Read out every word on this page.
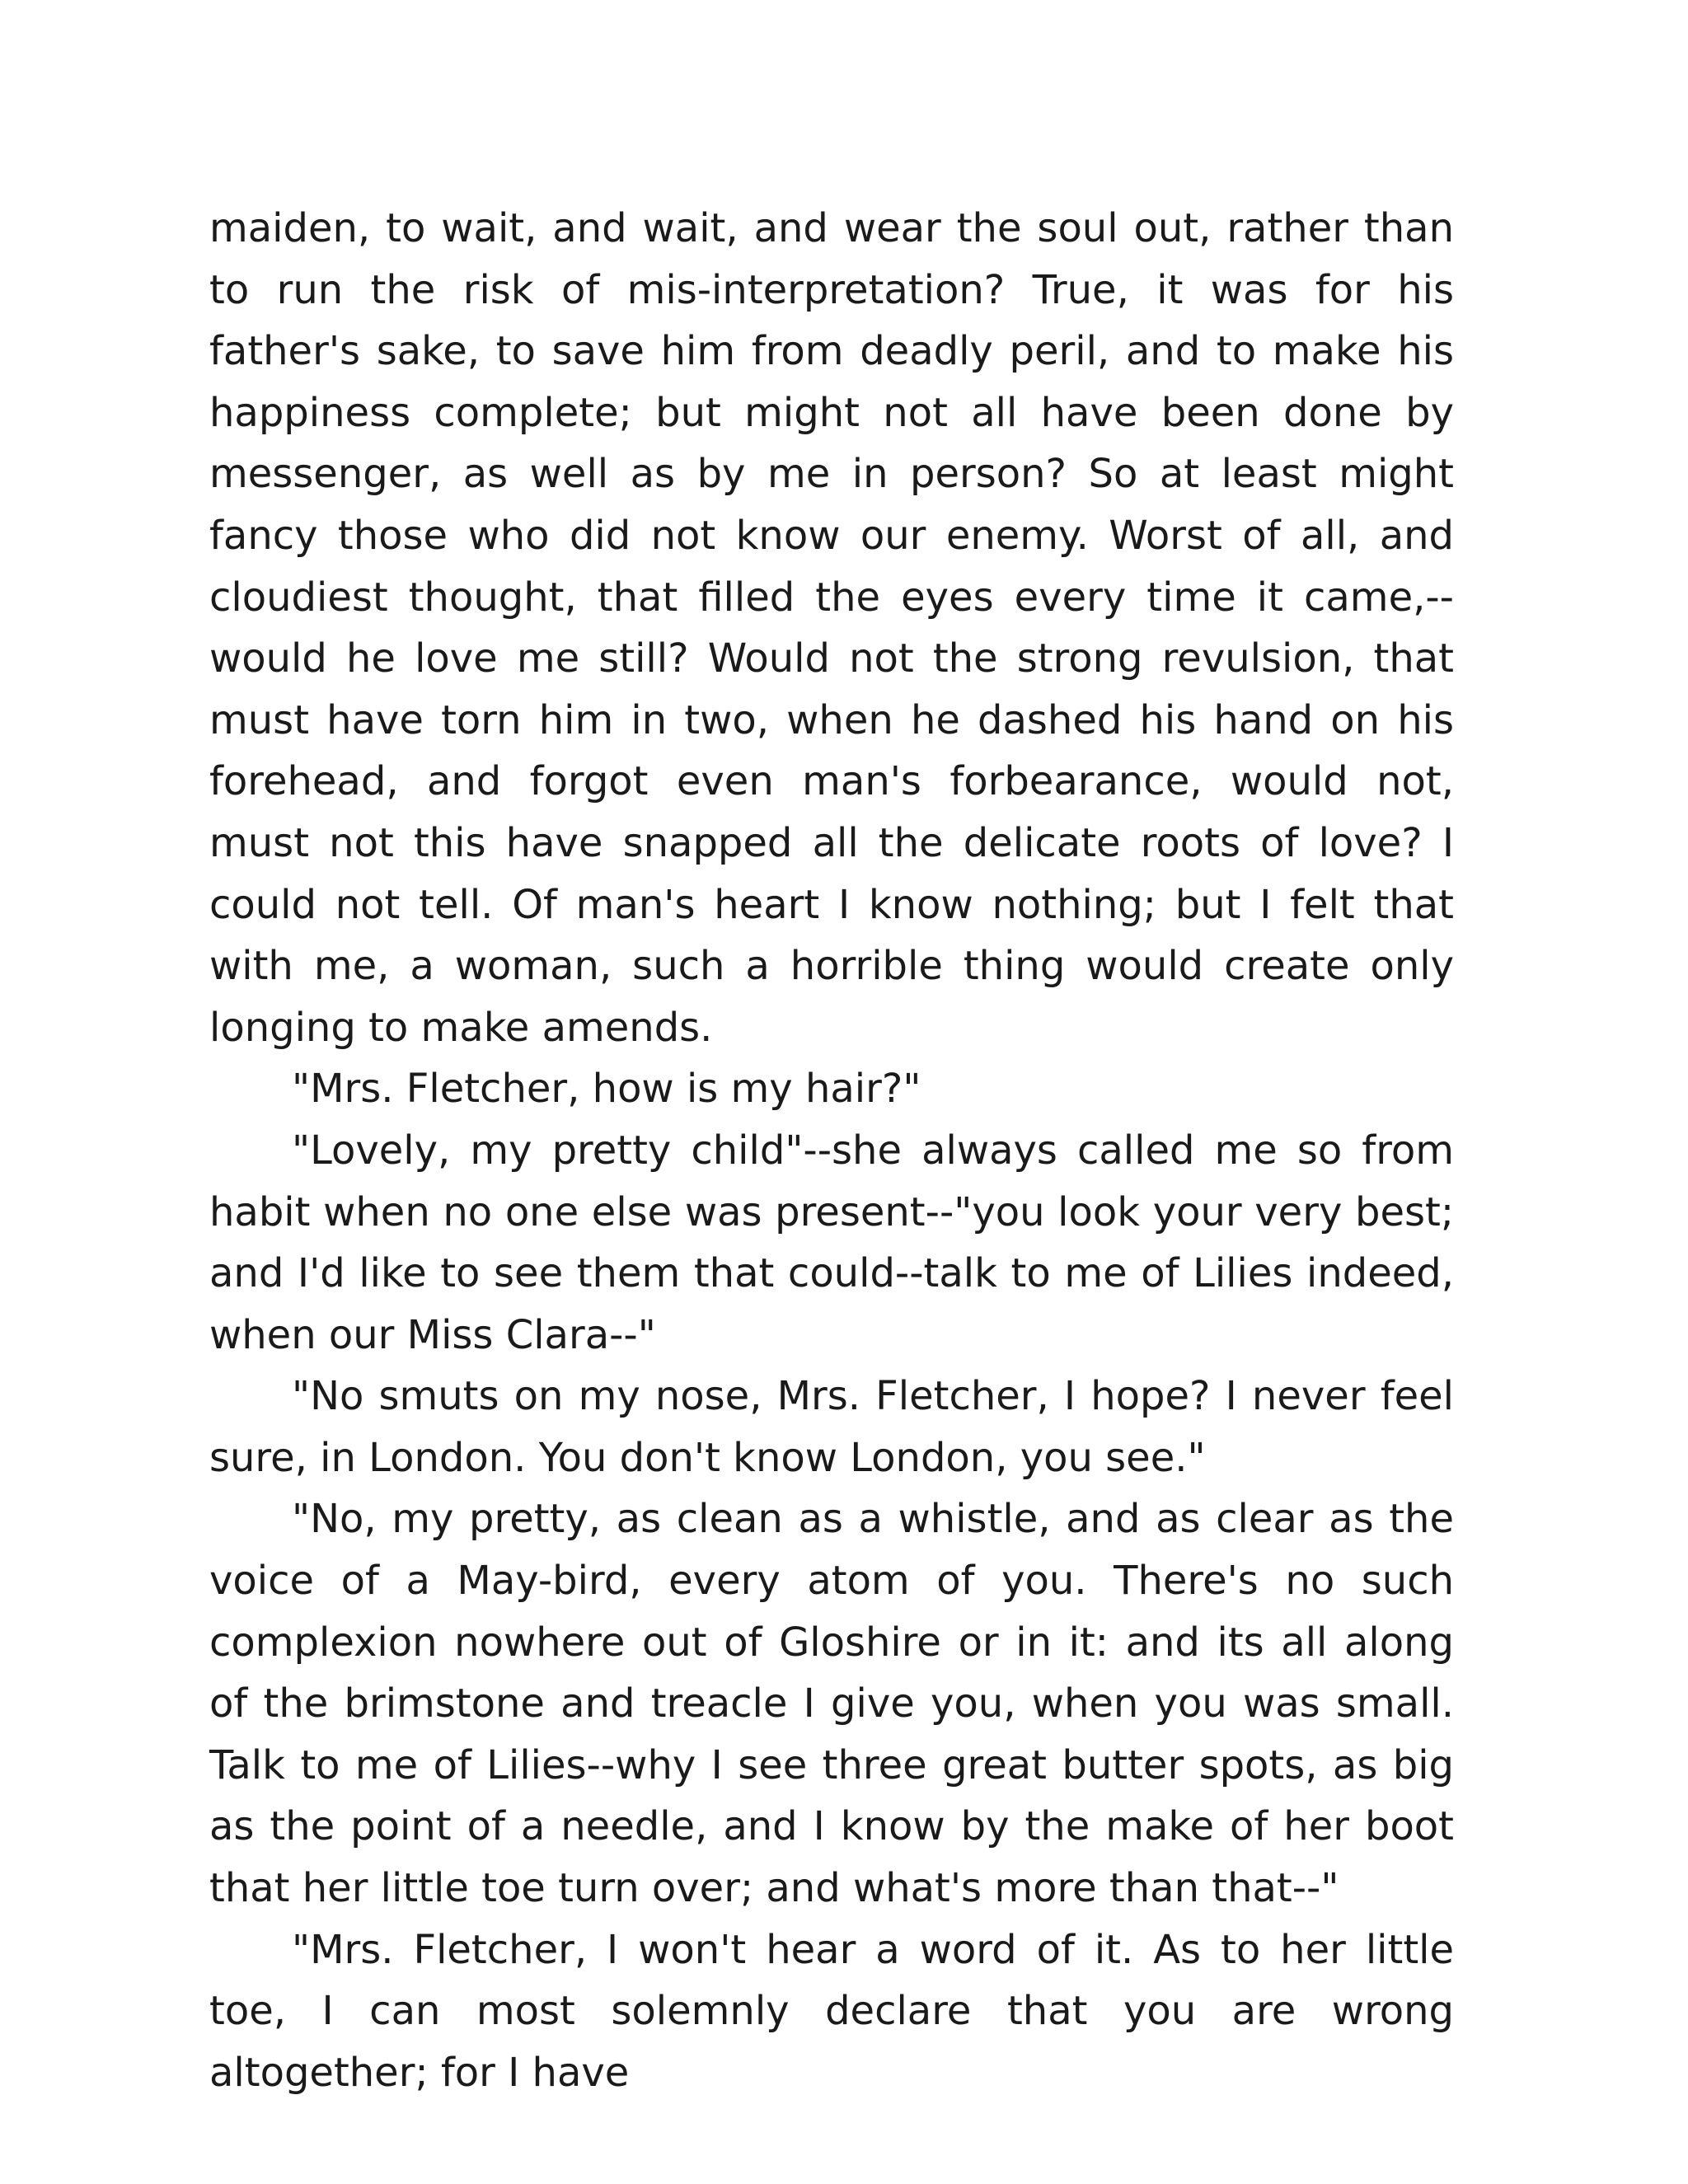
maiden, to wait, and wait, and wear the soul out, rather than to run the risk of mis-interpretation? True, it was for his father's sake, to save him from deadly peril, and to make his happiness complete; but might not all have been done by messenger, as well as by me in person? So at least might fancy those who did not know our enemy. Worst of all, and cloudiest thought, that filled the eyes every time it came,--would he love me still? Would not the strong revulsion, that must have torn him in two, when he dashed his hand on his forehead, and forgot even man's forbearance, would not, must not this have snapped all the delicate roots of love? I could not tell. Of man's heart I know nothing; but I felt that with me, a woman, such a horrible thing would create only longing to make amends.

"Mrs. Fletcher, how is my hair?"

"Lovely, my pretty child"--she always called me so from habit when no one else was present--"you look your very best; and I'd like to see them that could--talk to me of Lilies indeed, when our Miss Clara--"

"No smuts on my nose, Mrs. Fletcher, I hope? I never feel sure, in London. You don't know London, you see."

"No, my pretty, as clean as a whistle, and as clear as the voice of a May-bird, every atom of you. There's no such complexion nowhere out of Gloshire or in it: and its all along of the brimstone and treacle I give you, when you was small. Talk to me of Lilies--why I see three great butter spots, as big as the point of a needle, and I know by the make of her boot that her little toe turn over; and what's more than that--"

"Mrs. Fletcher, I won't hear a word of it. As to her little toe, I can most solemnly declare that you are wrong altogether; for I have
